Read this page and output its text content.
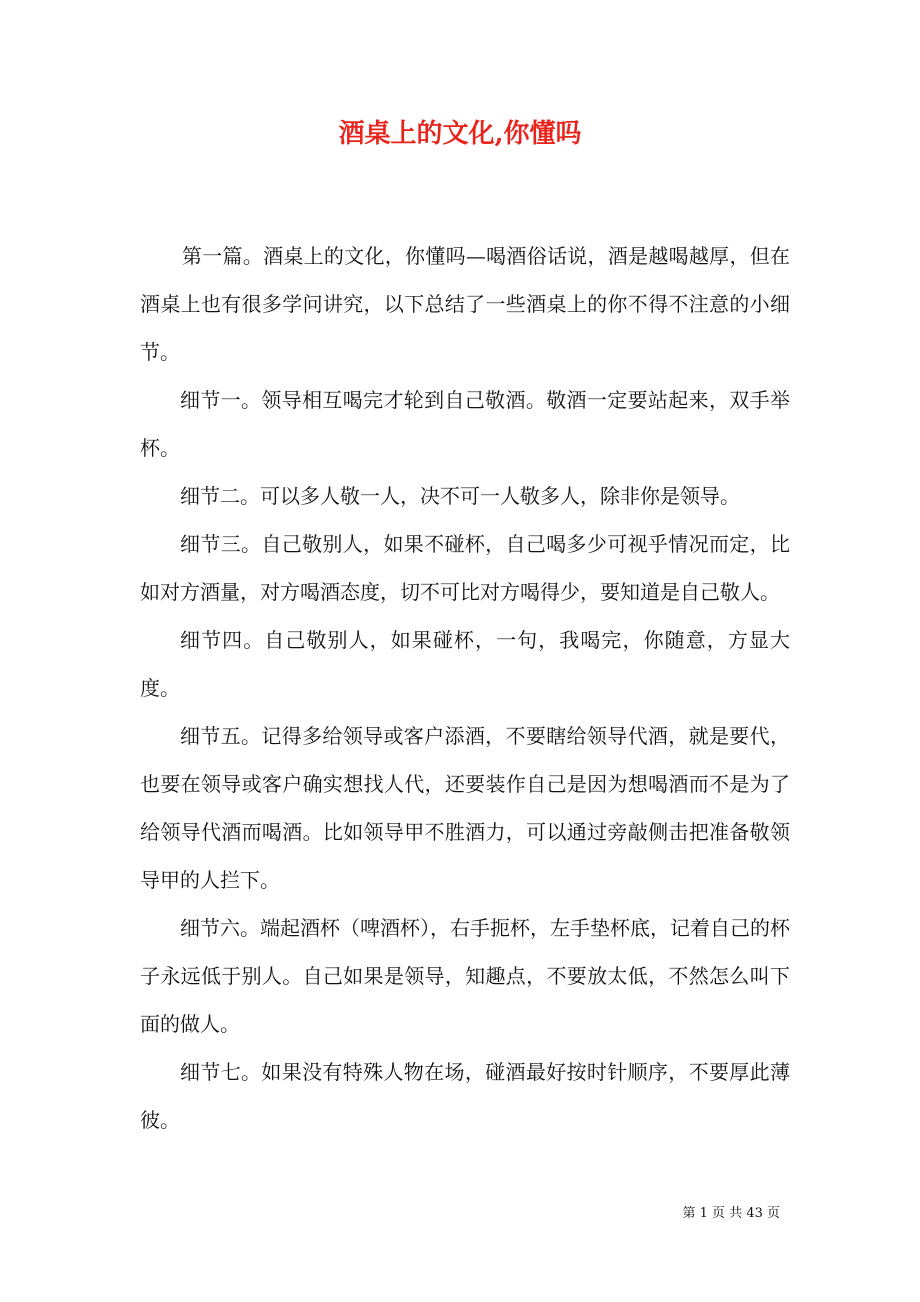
酒桌上的文化,你懂吗

第一篇。酒桌上的文化，你懂吗—喝酒俗话说，酒是越喝越厚，但在酒桌上也有很多学问讲究，以下总结了一些酒桌上的你不得不注意的小细节。

细节一。领导相互喝完才轮到自己敬酒。敬酒一定要站起来，双手举杯。

细节二。可以多人敬一人，决不可一人敬多人，除非你是领导。

细节三。自己敬别人，如果不碰杯，自己喝多少可视乎情况而定，比如对方酒量，对方喝酒态度，切不可比对方喝得少，要知道是自己敬人。

细节四。自己敬别人，如果碰杯，一句，我喝完，你随意，方显大度。

细节五。记得多给领导或客户添酒，不要瞎给领导代酒，就是要代，也要在领导或客户确实想找人代，还要装作自己是因为想喝酒而不是为了给领导代酒而喝酒。比如领导甲不胜酒力，可以通过旁敲侧击把准备敬领导甲的人拦下。

细节六。端起酒杯（啤酒杯），右手扼杯，左手垫杯底，记着自己的杯子永远低于别人。自己如果是领导，知趣点，不要放太低，不然怎么叫下面的做人。

细节七。如果没有特殊人物在场，碰酒最好按时针顺序，不要厚此薄彼。

第 1 页 共 43 页
